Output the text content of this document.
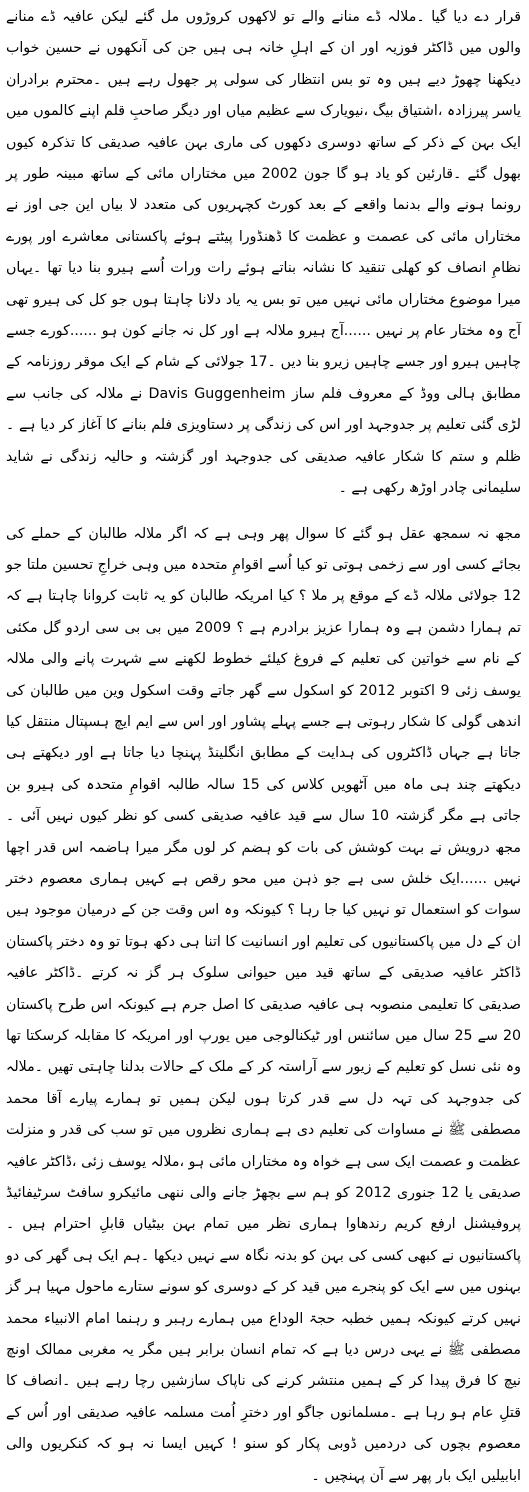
قرار دے دیا گیا ۔ملالہ ڈے منانے والے تو لاکھوں کروڑوں مل گئے لیکن عافیہ ڈے منانے والوں میں ڈاکٹر فوزیہ اور ان کے اہلِ خانہ ہی ہیں جن کی آنکھوں نے حسین خواب دیکھنا چھوڑ دیے ہیں وہ تو بس انتظار کی سولی پر جھول رہے ہیں ۔محترم برادران یاسر پیرزادہ ،اشتیاق بیگ ،نیویارک سے عظیم میاں اور دیگر صاحبِ قلم اپنے کالموں میں ایک بہن کے ذکر کے ساتھ دوسری دکھوں کی ماری بہن عافیہ صدیقی کا تذکرہ کیوں بھول گئے ۔قارئین کو یاد ہو گا جون 2002 میں مختاراں مائی کے ساتھ مبینہ طور پر رونما ہونے والے بدنما واقعے کے بعد کورٹ کچہریوں کی متعدد لا بیاں این جی اوز نے مختاراں مائی کی عصمت و عظمت کا ڈھنڈورا پیٹتے ہوئے پاکستانی معاشرے اور پورے نظامِ انصاف کو کھلی تنقید کا نشانہ بناتے ہوئے رات ورات اُسے ہیرو بنا دیا تھا ۔یہاں میرا موضوع مختاراں مائی نہیں میں تو بس یہ یاد دلانا چاہتا ہوں جو کل کی ہیرو تھی آج وہ مختار عام پر نہیں ......آج ہیرو ملالہ ہے اور کل نہ جانے کون ہو ......کورے جسے چاہیں ہیرو اور جسے چاہیں زیرو بنا دیں ۔17 جولائی کے شام کے ایک موقر روزنامہ کے مطابق ہالی ووڈ کے معروف فلم ساز Davis Guggenheim نے ملالہ کی جانب سے لڑی گئی تعلیم پر جدوجہد اور اس کی زندگی پر دستاویزی فلم بنانے کا آغاز کر دیا ہے ۔ظلم و ستم کا شکار عافیہ صدیقی کی جدوجہد اور گزشتہ و حالیہ زندگی نے شاید سلیمانی چادر اوڑھ رکھی ہے ۔

مجھ نہ سمجھ عقل ہو گئے کا سوال پھر وہی ہے کہ اگر ملالہ طالبان کے حملے کی بجائے کسی اور سے زخمی ہوتی تو کیا اُسے اقوامِ متحدہ میں وہی خراجِ تحسین ملتا جو 12 جولائی ملالہ ڈے کے موقع پر ملا ؟ کیا امریکہ طالبان کو یہ ثابت کروانا چاہتا ہے کہ تم ہمارا دشمن ہے وہ ہمارا عزیز برادرم ہے ؟ 2009 میں بی بی سی اردو گل مکئی کے نام سے خواتین کی تعلیم کے فروغ کیلئے خطوط لکھنے سے شہرت پانے والی ملالہ یوسف زئی 9 اکتوبر 2012 کو اسکول سے گھر جاتے وقت اسکول وین میں طالبان کی اندھی گولی کا شکار رہوتی ہے جسے پہلے پشاور اور اس سے ایم ایچ ہسپتال منتقل کیا جاتا ہے جہاں ڈاکٹروں کی ہدایت کے مطابق انگلینڈ پہنچا دیا جاتا ہے اور دیکھتے ہی دیکھتے چند ہی ماہ میں آٹھویں کلاس کی 15 سالہ طالبہ اقوامِ متحدہ کی ہیرو بن جاتی ہے مگر گزشتہ 10 سال سے قید عافیہ صدیقی کسی کو نظر کیوں نہیں آئی ۔مجھ درویش نے بہت کوشش کی بات کو ہضم کر لوں مگر میرا ہاضمہ اس قدر اچھا نہیں ......ایک خلش سی ہے جو ذہن میں محو رقص ہے کہیں ہماری معصوم دختر سوات کو استعمال تو نہیں کیا جا رہا ؟ کیونکہ وہ اس وقت جن کے درمیان موجود ہیں ان کے دل میں پاکستانیوں کی تعلیم اور انسانیت کا اتنا ہی دکھ ہوتا تو وہ دختر پاکستان ڈاکٹر عافیہ صدیقی کے ساتھ قید میں حیوانی سلوک ہر گز نہ کرتے ۔ڈاکٹر عافیہ صدیقی کا تعلیمی منصوبہ ہی عافیہ صدیقی کا اصل جرم ہے کیونکہ اس طرح پاکستان 20 سے 25 سال میں سائنس اور ٹیکنالوجی میں یورپ اور امریکہ کا مقابلہ کرسکتا تھا وہ نئی نسل کو تعلیم کے زیور سے آراستہ کر کے ملک کے حالات بدلنا چاہتی تھیں ۔ملالہ کی جدوجہد کی تہہ دل سے قدر کرتا ہوں لیکن ہمیں تو ہمارے پیارے آقا محمد مصطفی ﷺ نے مساوات کی تعلیم دی ہے ہماری نظروں میں تو سب کی قدر و منزلت عظمت و عصمت ایک سی ہے خواہ وہ مختاراں مائی ہو ،ملالہ یوسف زئی ،ڈاکٹر عافیہ صدیقی یا 12 جنوری 2012 کو ہم سے بچھڑ جانے والی ننھی مائیکرو سافٹ سرٹیفائیڈ پروفیشنل ارفع کریم رندھاوا ہماری نظر میں تمام بہن بیٹیاں قابلِ احترام ہیں ۔پاکستانیوں نے کبھی کسی کی بہن کو بدنہ نگاہ سے نہیں دیکھا ۔ہم ایک ہی گھر کی دو بہنوں میں سے ایک کو پنجرے میں قید کر کے دوسری کو سونے ستارے ماحول مہیا ہر گز نہیں کرتے کیونکہ ہمیں خطبہ حجۃ الوداع میں ہمارے رہبر و رہنما امام الانبیاء محمد مصطفی ﷺ نے یہی درس دیا ہے کہ تمام انسان برابر ہیں مگر یہ مغربی ممالک اونچ نیچ کا فرق پیدا کر کے ہمیں منتشر کرنے کی ناپاک سازشیں رچا رہے ہیں ۔انصاف کا قتلِ عام ہو رہا ہے ۔مسلمانوں جاگو اور دخترِ اُمت مسلمہ عافیہ صدیقی اور اُس کے معصوم بچوں کی دردمیں ڈوبی پکار کو سنو ! کہیں ایسا نہ ہو کہ کنکریوں والی ابابیلیں ایک بار پھر سے آن پہنچیں ۔
